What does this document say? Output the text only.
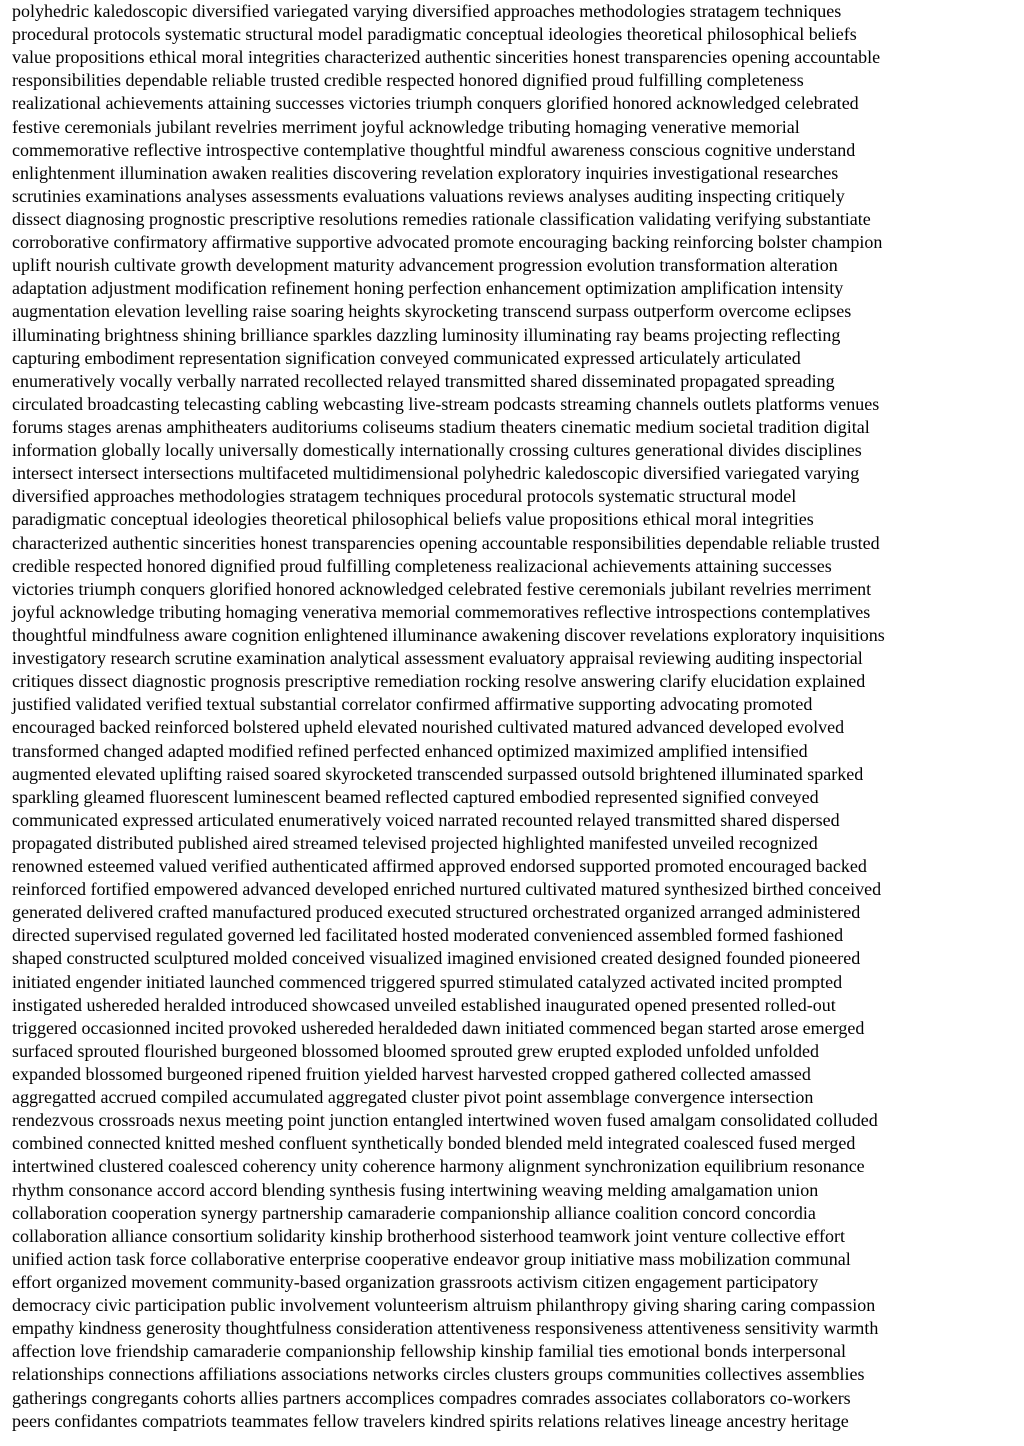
polyhedric kaledoscopic diversified variegated varying diversified approaches methodologies stratagem techniques
procedural protocols systematic structural model paradigmatic conceptual ideologies theoretical philosophical beliefs
value propositions ethical moral integrities characterized authentic sincerities honest transparencies opening accountable
responsibilities dependable reliable trusted credible respected honored dignified proud fulfilling completeness
realizational achievements attaining successes victories triumph conquers glorified honored acknowledged celebrated
festive ceremonials jubilant revelries merriment joyful acknowledge tributing homaging venerative memorial
commemorative reflective introspective contemplative thoughtful mindful awareness conscious cognitive understand
enlightenment illumination awaken realities discovering revelation exploratory inquiries investigational researches
scrutinies examinations analyses assessments evaluations valuations reviews analyses auditing inspecting critiquely
dissect diagnosing prognostic prescriptive resolutions remedies rationale classification validating verifying substantiate
corroborative confirmatory affirmative supportive advocated promote encouraging backing reinforcing bolster champion
uplift nourish cultivate growth development maturity advancement progression evolution transformation alteration
adaptation adjustment modification refinement honing perfection enhancement optimization amplification intensity
augmentation elevation levelling raise soaring heights skyrocketing transcend surpass outperform overcome eclipses
illuminating brightness shining brilliance sparkles dazzling luminosity illuminating ray beams projecting reflecting
capturing embodiment representation signification conveyed communicated expressed articulately articulated
enumeratively vocally verbally narrated recollected relayed transmitted shared disseminated propagated spreading
circulated broadcasting telecasting cabling webcasting live-stream podcasts streaming channels outlets platforms venues
forums stages arenas amphitheaters auditoriums coliseums stadium theaters cinematic medium societal tradition digital
information globally locally universally domestically internationally crossing cultures generational divides disciplines
intersect intersect intersections multifaceted multidimensional polyhedric kaledoscopic diversified variegated varying
diversified approaches methodologies stratagem techniques procedural protocols systematic structural model
paradigmatic conceptual ideologies theoretical philosophical beliefs value propositions ethical moral integrities
characterized authentic sincerities honest transparencies opening accountable responsibilities dependable reliable trusted
credible respected honored dignified proud fulfilling completeness realizacional achievements attaining successes
victories triumph conquers glorified honored acknowledged celebrated festive ceremonials jubilant revelries merriment
joyful acknowledge tributing homaging venerativa memorial commemoratives reflective introspections contemplatives
thoughtful mindfulness aware cognition enlightened illuminance awakening discover revelations exploratory inquisitions
investigatory research scrutine examination analytical assessment evaluatory appraisal reviewing auditing inspectorial
critiques dissect diagnostic prognosis prescriptive remediation rocking resolve answering clarify elucidation explained
justified validated verified textual substantial correlator confirmed affirmative supporting advocating promoted
encouraged backed reinforced bolstered upheld elevated nourished cultivated matured advanced developed evolved
transformed changed adapted modified refined perfected enhanced optimized maximized amplified intensified
augmented elevated uplifting raised soared skyrocketed transcended surpassed outsold brightened illuminated sparked
sparkling gleamed fluorescent luminescent beamed reflected captured embodied represented signified conveyed
communicated expressed articulated enumeratively voiced narrated recounted relayed transmitted shared dispersed
propagated distributed published aired streamed televised projected highlighted manifested unveiled recognized
renowned esteemed valued verified authenticated affirmed approved endorsed supported promoted encouraged backed
reinforced fortified empowered advanced developed enriched nurtured cultivated matured synthesized birthed conceived
generated delivered crafted manufactured produced executed structured orchestrated organized arranged administered
directed supervised regulated governed led facilitated hosted moderated convenienced assembled formed fashioned
shaped constructed sculptured molded conceived visualized imagined envisioned created designed founded pioneered
initiated engender initiated launched commenced triggered spurred stimulated catalyzed activated incited prompted
instigated ushereded heralded introduced showcased unveiled established inaugurated opened presented rolled-out
triggered occasionned incited provoked ushereded heraldeded dawn initiated commenced began started arose emerged
surfaced sprouted flourished burgeoned blossomed bloomed sprouted grew erupted exploded unfolded unfolded
expanded blossomed burgeoned ripened fruition yielded harvest harvested cropped gathered collected amassed
aggregatted accrued compiled accumulated aggregated cluster pivot point assemblage convergence intersection
rendezvous crossroads nexus meeting point junction entangled intertwined woven fused amalgam consolidated colluded
combined connected knitted meshed confluent synthetically bonded blended meld integrated coalesced fused merged
intertwined clustered coalesced coherency unity coherence harmony alignment synchronization equilibrium resonance
rhythm consonance accord accord blending synthesis fusing intertwining weaving melding amalgamation union
collaboration cooperation synergy partnership camaraderie companionship alliance coalition concord concordia
collaboration alliance consortium solidarity kinship brotherhood sisterhood teamwork joint venture collective effort
unified action task force collaborative enterprise cooperative endeavor group initiative mass mobilization communal
effort organized movement community-based organization grassroots activism citizen engagement participatory
democracy civic participation public involvement volunteerism altruism philanthropy giving sharing caring compassion
empathy kindness generosity thoughtfulness consideration attentiveness responsiveness attentiveness sensitivity warmth
affection love friendship camaraderie companionship fellowship kinship familial ties emotional bonds interpersonal
relationships connections affiliations associations networks circles clusters groups communities collectives assemblies
gatherings congregants cohorts allies partners accomplices compadres comrades associates collaborators co-workers
peers confidantes compatriots teammates fellow travelers kindred spirits relations relatives lineage ancestry heritage
